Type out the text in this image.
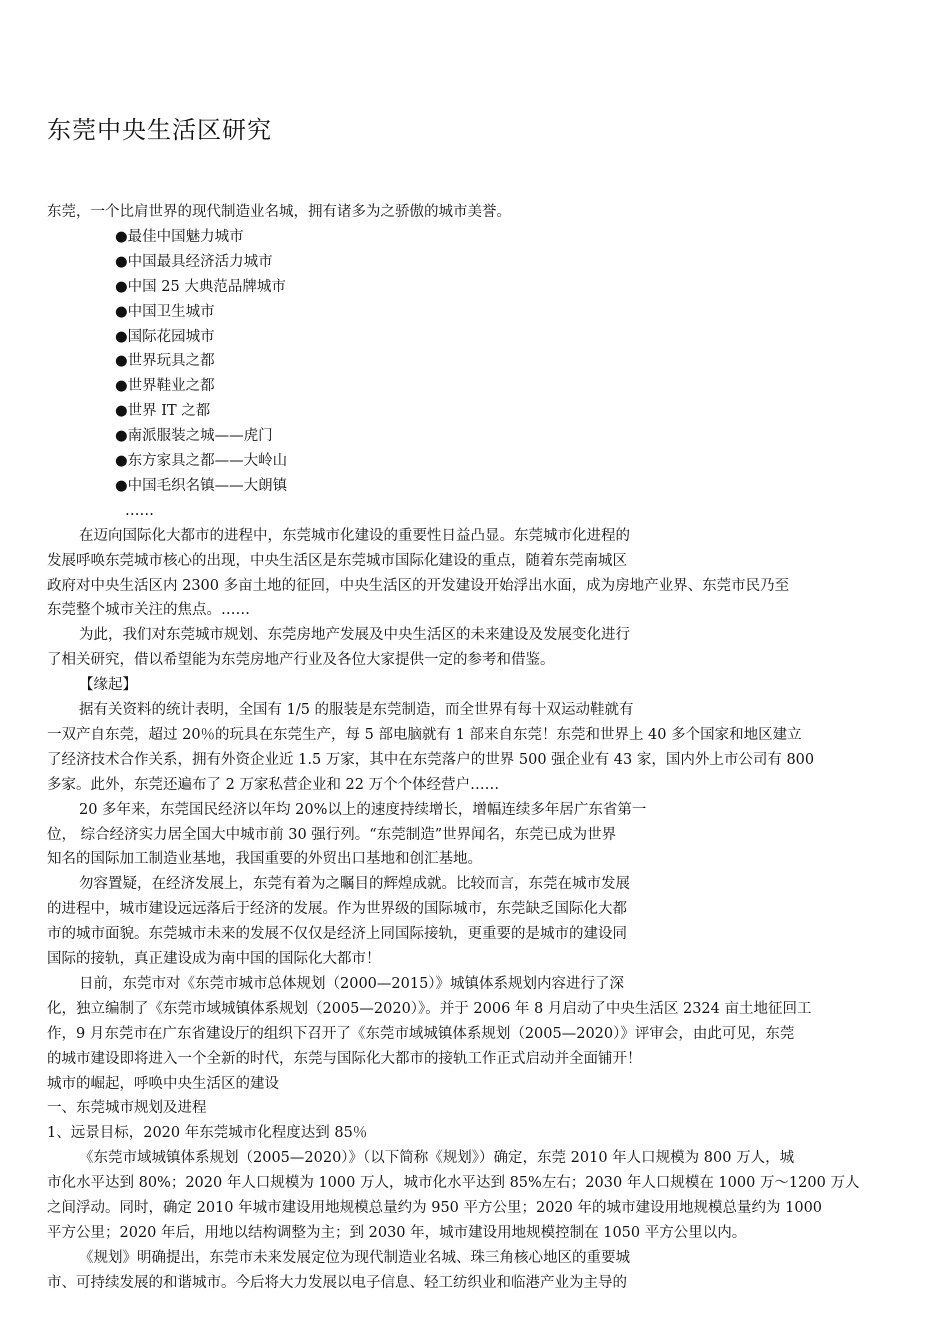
东莞中央生活区研究
东莞，一个比肩世界的现代制造业名城，拥有诸多为之骄傲的城市美誉。
●最佳中国魅力城市
●中国最具经济活力城市
●中国 25 大典范品牌城市
●中国卫生城市
●国际花园城市
●世界玩具之都
●世界鞋业之都
●世界 IT 之都
●南派服装之城——虎门
●东方家具之都——大岭山
●中国毛织名镇——大朗镇
……
在迈向国际化大都市的进程中，东莞城市化建设的重要性日益凸显。东莞城市化进程的
发展呼唤东莞城市核心的出现，中央生活区是东莞城市国际化建设的重点，随着东莞南城区
政府对中央生活区内 2300 多亩土地的征回，中央生活区的开发建设开始浮出水面，成为房地产业界、东莞市民乃至
东莞整个城市关注的焦点。……
为此，我们对东莞城市规划、东莞房地产发展及中央生活区的未来建设及发展变化进行
了相关研究，借以希望能为东莞房地产行业及各位大家提供一定的参考和借鉴。
【缘起】
据有关资料的统计表明，全国有 1/5 的服装是东莞制造，而全世界有每十双运动鞋就有
一双产自东莞，超过 20％的玩具在东莞生产，每 5 部电脑就有 1 部来自东莞！东莞和世界上 40 多个国家和地区建立
了经济技术合作关系，拥有外资企业近 1.5 万家，其中在东莞落户的世界 500 强企业有 43 家，国内外上市公司有 800
多家。此外，东莞还遍布了 2 万家私营企业和 22 万个个体经营户……
20 多年来，东莞国民经济以年均 20%以上的速度持续增长，增幅连续多年居广东省第一
位， 综合经济实力居全国大中城市前 30 强行列。“东莞制造”世界闻名，东莞已成为世界
知名的国际加工制造业基地，我国重要的外贸出口基地和创汇基地。
勿容置疑，在经济发展上，东莞有着为之瞩目的辉煌成就。比较而言，东莞在城市发展
的进程中，城市建设远远落后于经济的发展。作为世界级的国际城市，东莞缺乏国际化大都
市的城市面貌。东莞城市未来的发展不仅仅是经济上同国际接轨，更重要的是城市的建设同
国际的接轨，真正建设成为南中国的国际化大都市！
日前，东莞市对《东莞市城市总体规划（2000—2015）》城镇体系规划内容进行了深
化，独立编制了《东莞市域城镇体系规划（2005—2020）》。并于 2006 年 8 月启动了中央生活区 2324 亩土地征回工
作，9 月东莞市在广东省建设厅的组织下召开了《东莞市域城镇体系规划（2005—2020）》评审会，由此可见，东莞
的城市建设即将进入一个全新的时代，东莞与国际化大都市的接轨工作正式启动并全面铺开！
城市的崛起，呼唤中央生活区的建设
一、东莞城市规划及进程
1、远景目标，2020 年东莞城市化程度达到 85％
《东莞市域城镇体系规划（2005—2020）》（以下简称《规划》）确定，东莞 2010 年人口规模为 800 万人，城
市化水平达到 80%；2020 年人口规模为 1000 万人，城市化水平达到 85%左右；2030 年人口规模在 1000 万～1200 万人
之间浮动。同时，确定 2010 年城市建设用地规模总量约为 950 平方公里；2020 年的城市建设用地规模总量约为 1000
平方公里；2020 年后，用地以结构调整为主；到 2030 年，城市建设用地规模控制在 1050 平方公里以内。
《规划》明确提出，东莞市未来发展定位为现代制造业名城、珠三角核心地区的重要城
市、可持续发展的和谐城市。今后将大力发展以电子信息、轻工纺织业和临港产业为主导的
